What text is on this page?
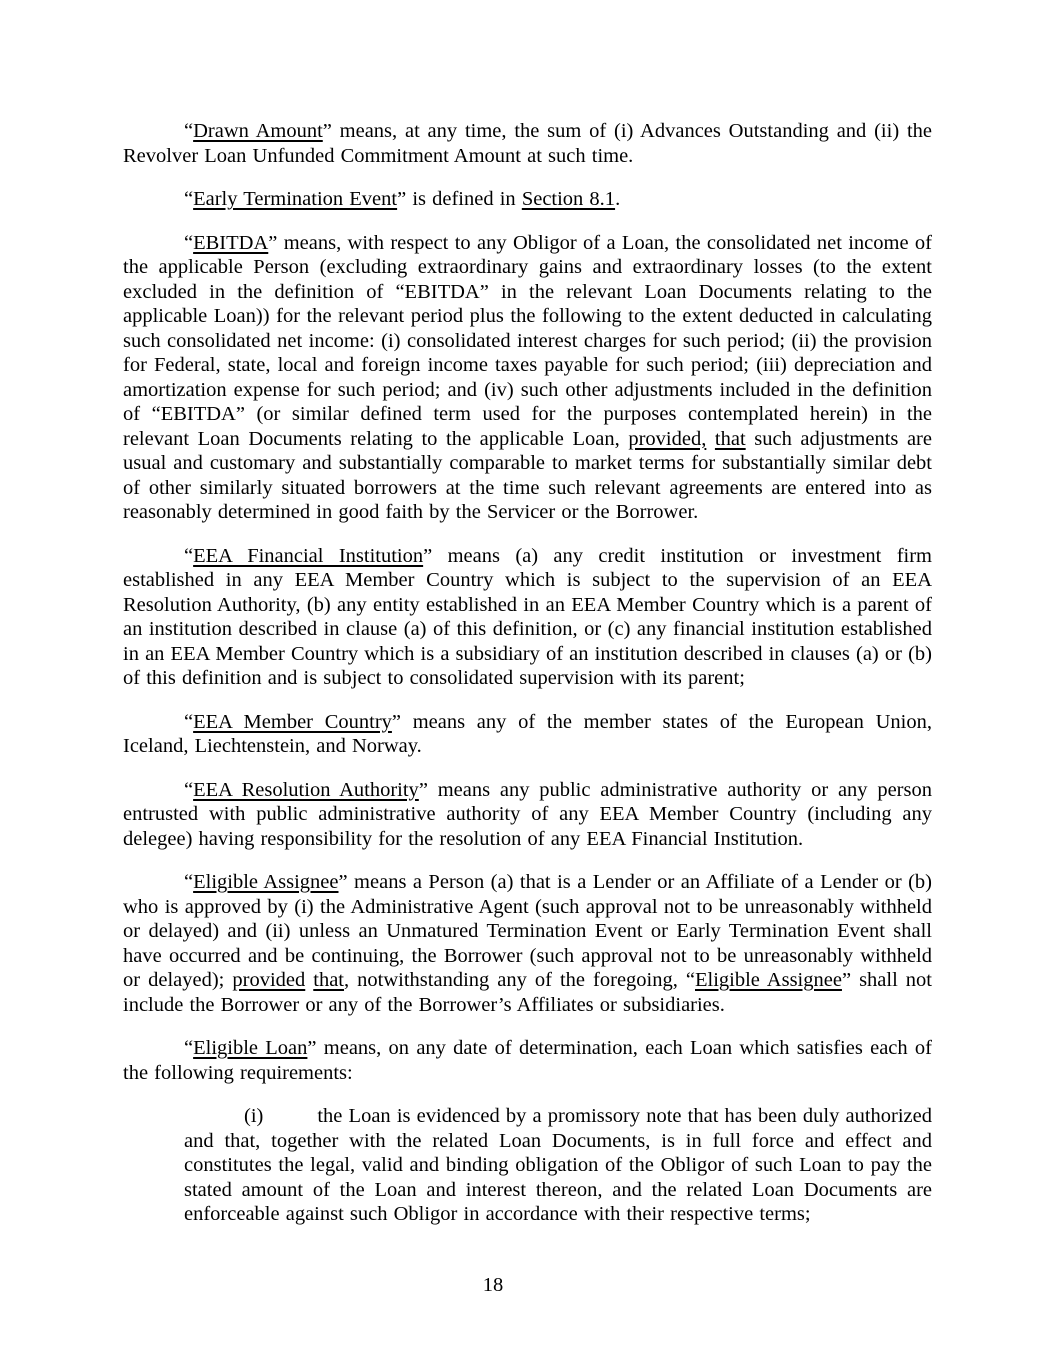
“Drawn Amount” means, at any time, the sum of (i) Advances Outstanding and (ii) the Revolver Loan Unfunded Commitment Amount at such time.

“Early Termination Event” is defined in Section 8.1.

“EBITDA” means, with respect to any Obligor of a Loan, the consolidated net income of the applicable Person (excluding extraordinary gains and extraordinary losses (to the extent excluded in the definition of “EBITDA” in the relevant Loan Documents relating to the applicable Loan)) for the relevant period plus the following to the extent deducted in calculating such consolidated net income: (i) consolidated interest charges for such period; (ii) the provision for Federal, state, local and foreign income taxes payable for such period; (iii) depreciation and amortization expense for such period; and (iv) such other adjustments included in the definition of “EBITDA” (or similar defined term used for the purposes contemplated herein) in the relevant Loan Documents relating to the applicable Loan, provided, that such adjustments are usual and customary and substantially comparable to market terms for substantially similar debt of other similarly situated borrowers at the time such relevant agreements are entered into as reasonably determined in good faith by the Servicer or the Borrower.

“EEA Financial Institution” means (a) any credit institution or investment firm established in any EEA Member Country which is subject to the supervision of an EEA Resolution Authority, (b) any entity established in an EEA Member Country which is a parent of an institution described in clause (a) of this definition, or (c) any financial institution established in an EEA Member Country which is a subsidiary of an institution described in clauses (a) or (b) of this definition and is subject to consolidated supervision with its parent;

“EEA Member Country” means any of the member states of the European Union, Iceland, Liechtenstein, and Norway.

“EEA Resolution Authority” means any public administrative authority or any person entrusted with public administrative authority of any EEA Member Country (including any delegee) having responsibility for the resolution of any EEA Financial Institution.

“Eligible Assignee” means a Person (a) that is a Lender or an Affiliate of a Lender or (b) who is approved by (i) the Administrative Agent (such approval not to be unreasonably withheld or delayed) and (ii) unless an Unmatured Termination Event or Early Termination Event shall have occurred and be continuing, the Borrower (such approval not to be unreasonably withheld or delayed); provided that, notwithstanding any of the foregoing, “Eligible Assignee” shall not include the Borrower or any of the Borrower’s Affiliates or subsidiaries.

“Eligible Loan” means, on any date of determination, each Loan which satisfies each of the following requirements:

(i)	the Loan is evidenced by a promissory note that has been duly authorized and that, together with the related Loan Documents, is in full force and effect and constitutes the legal, valid and binding obligation of the Obligor of such Loan to pay the stated amount of the Loan and interest thereon, and the related Loan Documents are enforceable against such Obligor in accordance with their respective terms;

18
